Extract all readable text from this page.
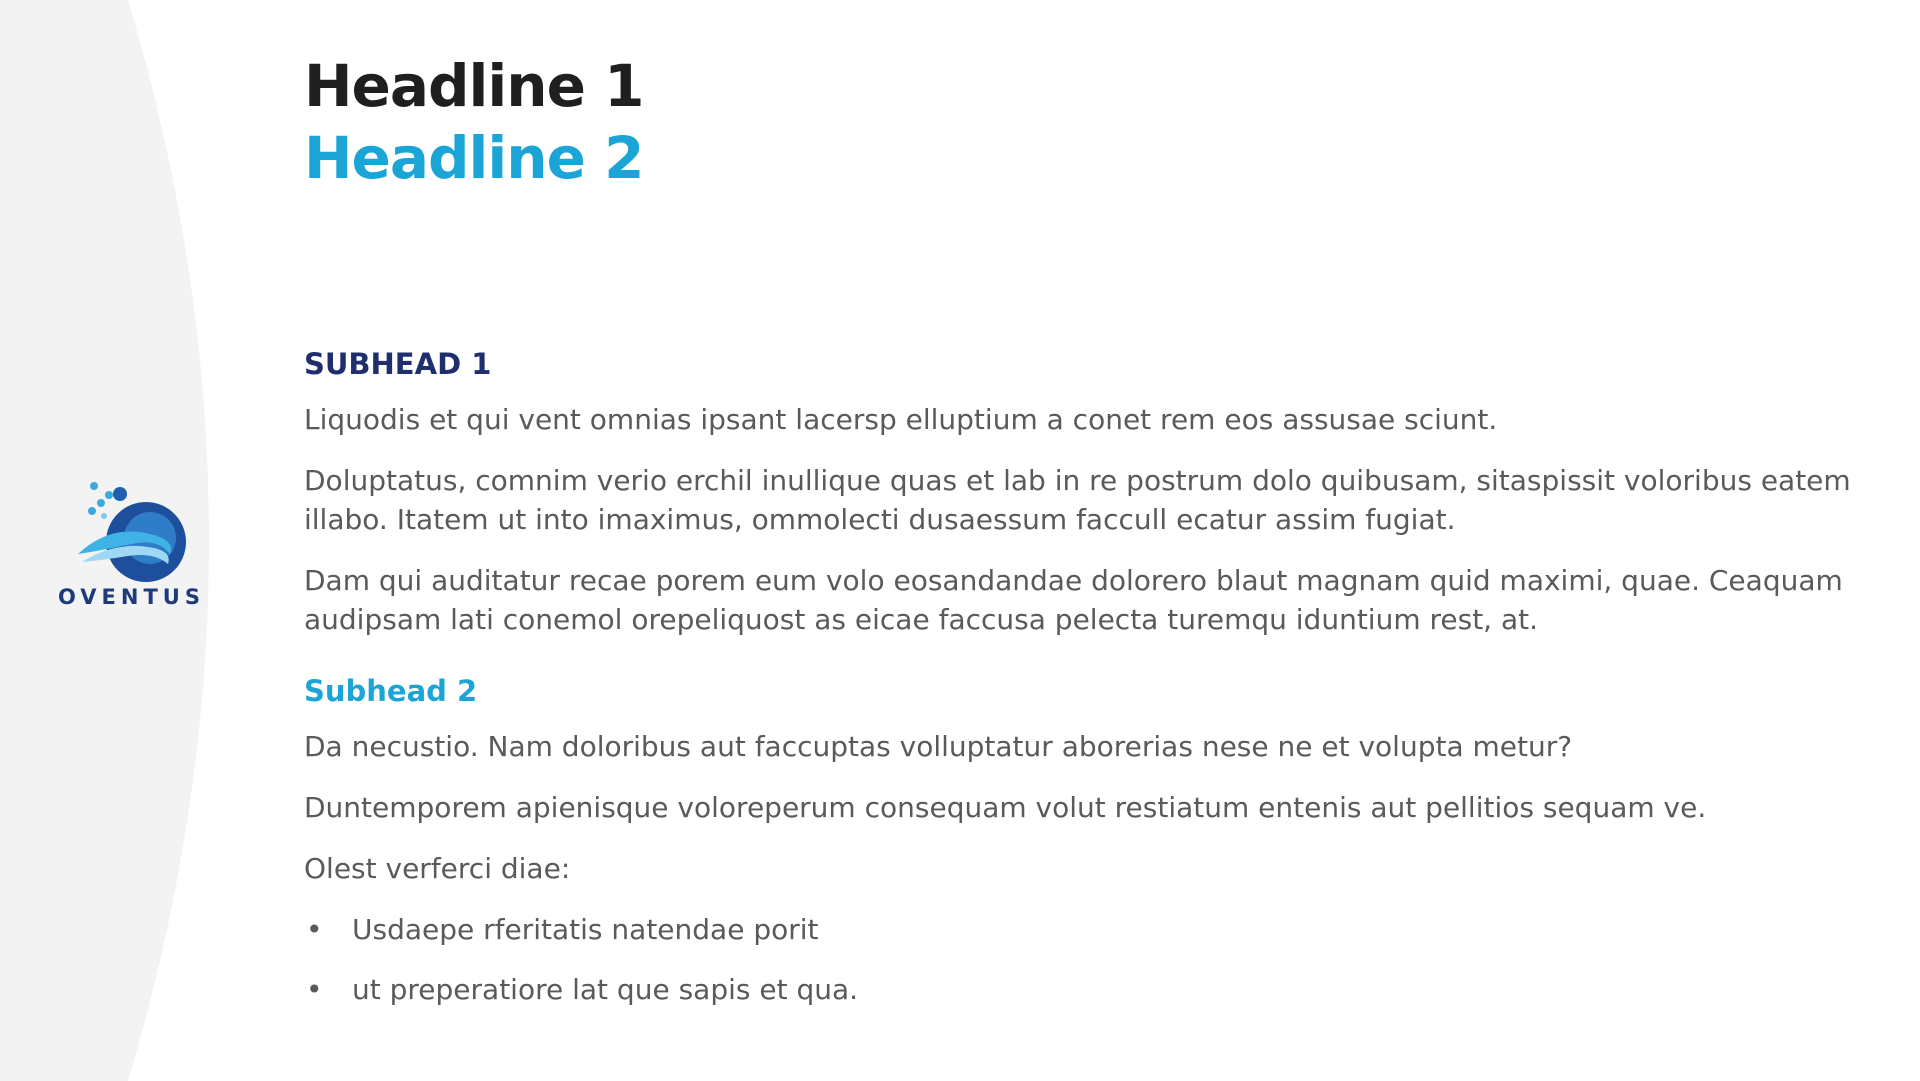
OVENTUS
Headline 1
Headline 2
SUBHEAD 1

Liquodis et qui vent omnias ipsant lacersp elluptium a conet rem eos assusae sciunt.

Doluptatus, comnim verio erchil inullique quas et lab in re postrum dolo quibusam, sitaspissit voloribus eatem illabo. Itatem ut into imaximus, ommolecti dusaessum faccull ecatur assim fugiat.

Dam qui auditatur recae porem eum volo eosandandae dolorero blaut magnam quid maximi, quae. Ceaquam audipsam lati conemol orepeliquost as eicae faccusa pelecta turemqu iduntium rest, at.

Subhead 2

Da necustio. Nam doloribus aut faccuptas volluptatur aborerias nese ne et volupta metur?

Duntemporem apienisque voloreperum consequam volut restiatum entenis aut pellitios sequam ve.

Olest verferci diae:

• Usdaepe rferitatis natendae porit
• ut preperatiore lat que sapis et qua.
